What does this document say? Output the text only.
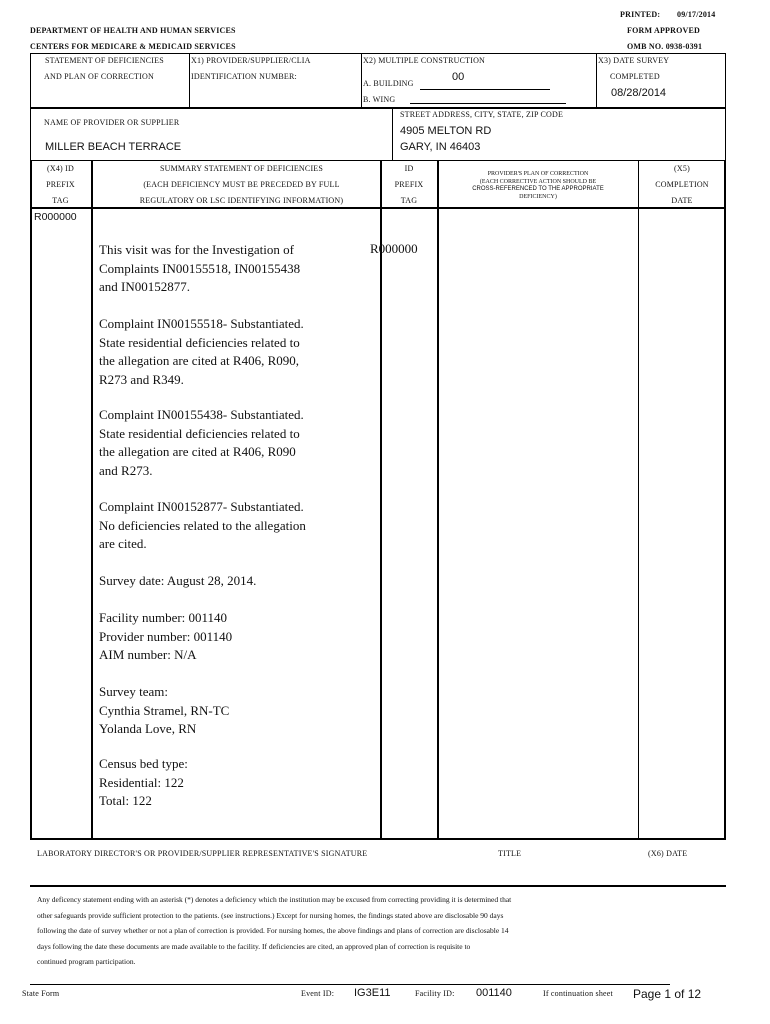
PRINTED: 09/17/2014
DEPARTMENT OF HEALTH AND HUMAN SERVICES
CENTERS FOR MEDICARE & MEDICAID SERVICES
FORM APPROVED
OMB NO. 0938-0391
STATEMENT OF DEFICIENCIES
AND PLAN OF CORRECTION
X1) PROVIDER/SUPPLIER/CLIA
IDENTIFICATION NUMBER:
X2) MULTIPLE CONSTRUCTION
A. BUILDING
00
B. WING
X3) DATE SURVEY
COMPLETED
08/28/2014
NAME OF PROVIDER OR SUPPLIER
MILLER BEACH TERRACE
STREET ADDRESS, CITY, STATE, ZIP CODE
4905 MELTON RD
GARY, IN 46403
(X4) ID
PREFIX
TAG
SUMMARY STATEMENT OF DEFICIENCIES
(EACH DEFICIENCY MUST BE PRECEDED BY FULL
REGULATORY OR LSC IDENTIFYING INFORMATION)
ID
PREFIX
TAG
PROVIDER'S PLAN OF CORRECTION
(EACH CORRECTIVE ACTION SHOULD BE
CROSS-REFERENCED TO THE APPROPRIATE
DEFICIENCY)
(X5)
COMPLETION
DATE
R000000
R000000
This visit was for the Investigation of
Complaints IN00155518, IN00155438
and IN00152877.
Complaint IN00155518- Substantiated.
State residential deficiencies related to
the allegation are cited at R406, R090,
R273 and R349.
Complaint IN00155438- Substantiated.
State residential deficiencies related to
the allegation are cited at R406, R090
and R273.
Complaint IN00152877- Substantiated.
No deficiencies related to the allegation
are cited.
Survey date: August 28, 2014.
Facility number: 001140
Provider number: 001140
AIM number: N/A
Survey team:
Cynthia Stramel, RN-TC
Yolanda Love, RN
Census bed type:
Residential: 122
Total: 122
LABORATORY DIRECTOR'S OR PROVIDER/SUPPLIER REPRESENTATIVE'S SIGNATURE	TITLE	(X6) DATE
Any deficency statement ending with an asterisk (*) denotes a deficiency which the institution may be excused from correcting providing it is determined that
other safeguards provide sufficient protection to the patients. (see instructions.) Except for nursing homes, the findings stated above are disclosable 90 days
following the date of survey whether or not a plan of correction is provided. For nursing homes, the above findings and plans of correction are disclosable 14
days following the date these documents are made available to the facility. If deficiencies are cited, an approved plan of correction is requisite to
continued program participation.
State Form	Event ID: IG3E11	Facility ID: 001140	If continuation sheet Page 1 of 12
